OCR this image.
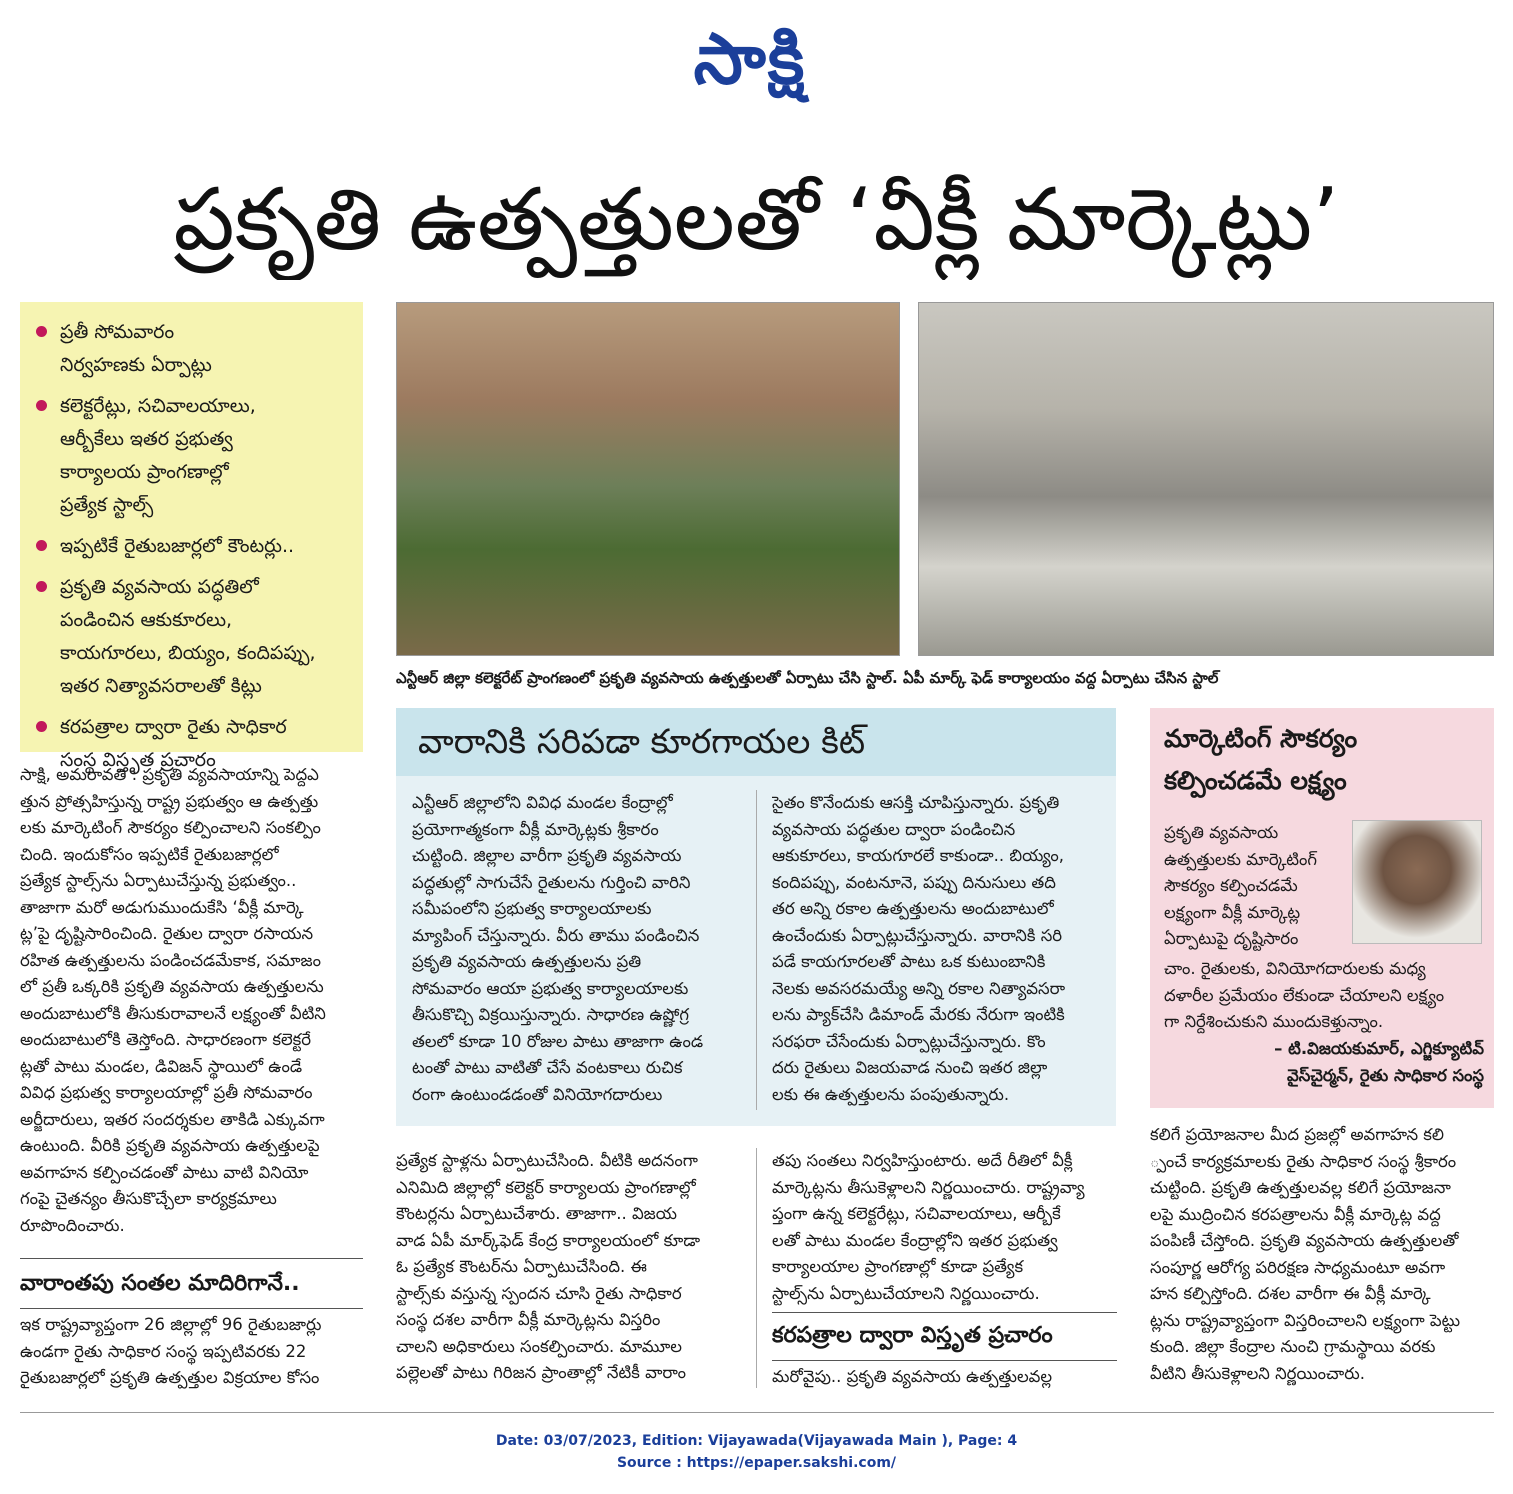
సాక్షి
ప్రకృతి ఉత్పత్తులతో ‘వీక్లీ మార్కెట్లు’
ప్రతీ సోమవారం
నిర్వహణకు ఏర్పాట్లు
కలెక్టరేట్లు, సచివాలయాలు,
ఆర్బీకేలు ఇతర ప్రభుత్వ
కార్యాలయ ప్రాంగణాల్లో
ప్రత్యేక స్టాల్స్
ఇప్పటికే రైతుబజార్లలో కౌంటర్లు..
ప్రకృతి వ్యవసాయ పద్ధతిలో
పండించిన ఆకుకూరలు,
కాయగూరలు, బియ్యం, కందిపప్పు,
ఇతర నిత్యావసరాలతో కిట్లు
కరపత్రాల ద్వారా రైతు సాధికార
సంస్థ విస్తృత ప్రచారం
ఎన్టీఆర్ జిల్లా కలెక్టరేట్ ప్రాంగణంలో ప్రకృతి వ్యవసాయ ఉత్పత్తులతో ఏర్పాటు చేసి స్టాల్. ఏపీ మార్క్ ఫెడ్ కార్యాలయం వద్ద ఏర్పాటు చేసిన స్టాల్
సాక్షి, అమరావతి : ప్రకృతి వ్యవసాయాన్ని పెద్దఎ
త్తున ప్రోత్సహిస్తున్న రాష్ట్ర ప్రభుత్వం ఆ ఉత్పత్తు
లకు మార్కెటింగ్ సౌకర్యం కల్పించాలని సంకల్పిం
చింది. ఇందుకోసం ఇప్పటికే రైతుబజార్లలో
ప్రత్యేక స్టాల్స్‌ను ఏర్పాటుచేస్తున్న ప్రభుత్వం..
తాజాగా మరో అడుగుముందుకేసి ‘వీక్లీ మార్కె
ట్ల’పై దృష్టిసారించింది. రైతుల ద్వారా రసాయన
రహిత ఉత్పత్తులను పండించడమేకాక, సమాజం
లో ప్రతీ ఒక్కరికి ప్రకృతి వ్యవసాయ ఉత్పత్తులను
అందుబాటులోకి తీసుకురావాలనే లక్ష్యంతో వీటిని
అందుబాటులోకి తెస్తోంది. సాధారణంగా కలెక్టరే
ట్లతో పాటు మండల, డివిజన్ స్థాయిలో ఉండే
వివిధ ప్రభుత్వ కార్యాలయాల్లో ప్రతీ సోమవారం
అర్జీదారులు, ఇతర సందర్శకుల తాకిడి ఎక్కువగా
ఉంటుంది. వీరికి ప్రకృతి వ్యవసాయ ఉత్పత్తులపై
అవగాహన కల్పించడంతో పాటు వాటి వినియో
గంపై చైతన్యం తీసుకొచ్చేలా కార్యక్రమాలు
రూపొందించారు.
వారాంతపు సంతల మాదిరిగానే..
ఇక రాష్ట్రవ్యాప్తంగా 26 జిల్లాల్లో 96 రైతుబజార్లు
ఉండగా రైతు సాధికార సంస్థ ఇప్పటివరకు 22
రైతుబజార్లలో ప్రకృతి ఉత్పత్తుల విక్రయాల కోసం
వారానికి సరిపడా కూరగాయల కిట్
ఎన్టీఆర్ జిల్లాలోని వివిధ మండల కేంద్రాల్లో
ప్రయోగాత్మకంగా వీక్లీ మార్కెట్లకు శ్రీకారం
చుట్టింది. జిల్లాల వారీగా ప్రకృతి వ్యవసాయ
పద్ధతుల్లో సాగుచేసే రైతులను గుర్తించి వారిని
సమీపంలోని ప్రభుత్వ కార్యాలయాలకు
మ్యాపింగ్ చేస్తున్నారు. వీరు తాము పండించిన
ప్రకృతి వ్యవసాయ ఉత్పత్తులను ప్రతి
సోమవారం ఆయా ప్రభుత్వ కార్యాలయాలకు
తీసుకొచ్చి విక్రయిస్తున్నారు. సాధారణ ఉష్ణోగ్ర
తలలో కూడా 10 రోజుల పాటు తాజాగా ఉండ
టంతో పాటు వాటితో చేసే వంటకాలు రుచిక
రంగా ఉంటుండడంతో వినియోగదారులు
సైతం కొనేందుకు ఆసక్తి చూపిస్తున్నారు. ప్రకృతి
వ్యవసాయ పద్ధతుల ద్వారా పండించిన
ఆకుకూరలు, కాయగూరలే కాకుండా.. బియ్యం,
కందిపప్పు, వంటనూనె, పప్పు దినుసులు తది
తర అన్ని రకాల ఉత్పత్తులను అందుబాటులో
ఉంచేందుకు ఏర్పాట్లుచేస్తున్నారు. వారానికి సరి
పడే కాయగూరలతో పాటు ఒక కుటుంబానికి
నెలకు అవసరమయ్యే అన్ని రకాల నిత్యావసరా
లను ప్యాక్‌చేసి డిమాండ్ మేరకు నేరుగా ఇంటికి
సరఫరా చేసేందుకు ఏర్పాట్లుచేస్తున్నారు. కొం
దరు రైతులు విజయవాడ నుంచి ఇతర జిల్లా
లకు ఈ ఉత్పత్తులను పంపుతున్నారు.
ప్రత్యేక స్టాళ్లను ఏర్పాటుచేసింది. వీటికి అదనంగా
ఎనిమిది జిల్లాల్లో కలెక్టర్ కార్యాలయ ప్రాంగణాల్లో
కౌంటర్లను ఏర్పాటుచేశారు. తాజాగా.. విజయ
వాడ ఏపీ మార్క్‌ఫెడ్ కేంద్ర కార్యాలయంలో కూడా
ఓ ప్రత్యేక కౌంటర్‌ను ఏర్పాటుచేసింది. ఈ
స్టాల్స్‌కు వస్తున్న స్పందన చూసి రైతు సాధికార
సంస్థ దశల వారీగా వీక్లీ మార్కెట్లను విస్తరిం
చాలని అధికారులు సంకల్పించారు. మామూల
పల్లెలతో పాటు గిరిజన ప్రాంతాల్లో నేటికీ వారాం
తపు సంతలు నిర్వహిస్తుంటారు. అదే రీతిలో వీక్లీ
మార్కెట్లను తీసుకెళ్లాలని నిర్ణయించారు. రాష్ట్రవ్యా
ప్తంగా ఉన్న కలెక్టరేట్లు, సచివాలయాలు, ఆర్బీకే
లతో పాటు మండల కేంద్రాల్లోని ఇతర ప్రభుత్వ
కార్యాలయాల ప్రాంగణాల్లో కూడా ప్రత్యేక
స్టాల్స్‌ను ఏర్పాటుచేయాలని నిర్ణయించారు.
కరపత్రాల ద్వారా విస్తృత ప్రచారం
మరోవైపు.. ప్రకృతి వ్యవసాయ ఉత్పత్తులవల్ల
మార్కెటింగ్ సౌకర్యం
కల్పించడమే లక్ష్యం
ప్రకృతి వ్యవసాయ
ఉత్పత్తులకు మార్కెటింగ్
సౌకర్యం కల్పించడమే
లక్ష్యంగా వీక్లీ మార్కెట్ల
ఏర్పాటుపై దృష్టిసారం
చాం. రైతులకు, వినియోగదారులకు మధ్య
దళారీల ప్రమేయం లేకుండా చేయాలని లక్ష్యం
గా నిర్దేశించుకుని ముందుకెళ్తున్నాం.
– టి.విజయకుమార్, ఎగ్జిక్యూటివ్
వైస్‌చైర్మన్, రైతు సాధికార సంస్థ
కలిగే ప్రయోజనాల మీద ప్రజల్లో అవగాహన కలి
్పంచే కార్యక్రమాలకు రైతు సాధికార సంస్థ శ్రీకారం
చుట్టింది. ప్రకృతి ఉత్పత్తులవల్ల కలిగే ప్రయోజనా
లపై ముద్రించిన కరపత్రాలను వీక్లీ మార్కెట్ల వద్ద
పంపిణీ చేస్తోంది. ప్రకృతి వ్యవసాయ ఉత్పత్తులతో
సంపూర్ణ ఆరోగ్య పరిరక్షణ సాధ్యమంటూ అవగా
హన కల్పిస్తోంది. దశల వారీగా ఈ వీక్లీ మార్కె
ట్లను రాష్ట్రవ్యాప్తంగా విస్తరించాలని లక్ష్యంగా పెట్టు
కుంది. జిల్లా కేంద్రాల నుంచి గ్రామస్థాయి వరకు
వీటిని తీసుకెళ్లాలని నిర్ణయించారు.
Date: 03/07/2023, Edition: Vijayawada(Vijayawada Main ), Page: 4
Source : https://epaper.sakshi.com/
